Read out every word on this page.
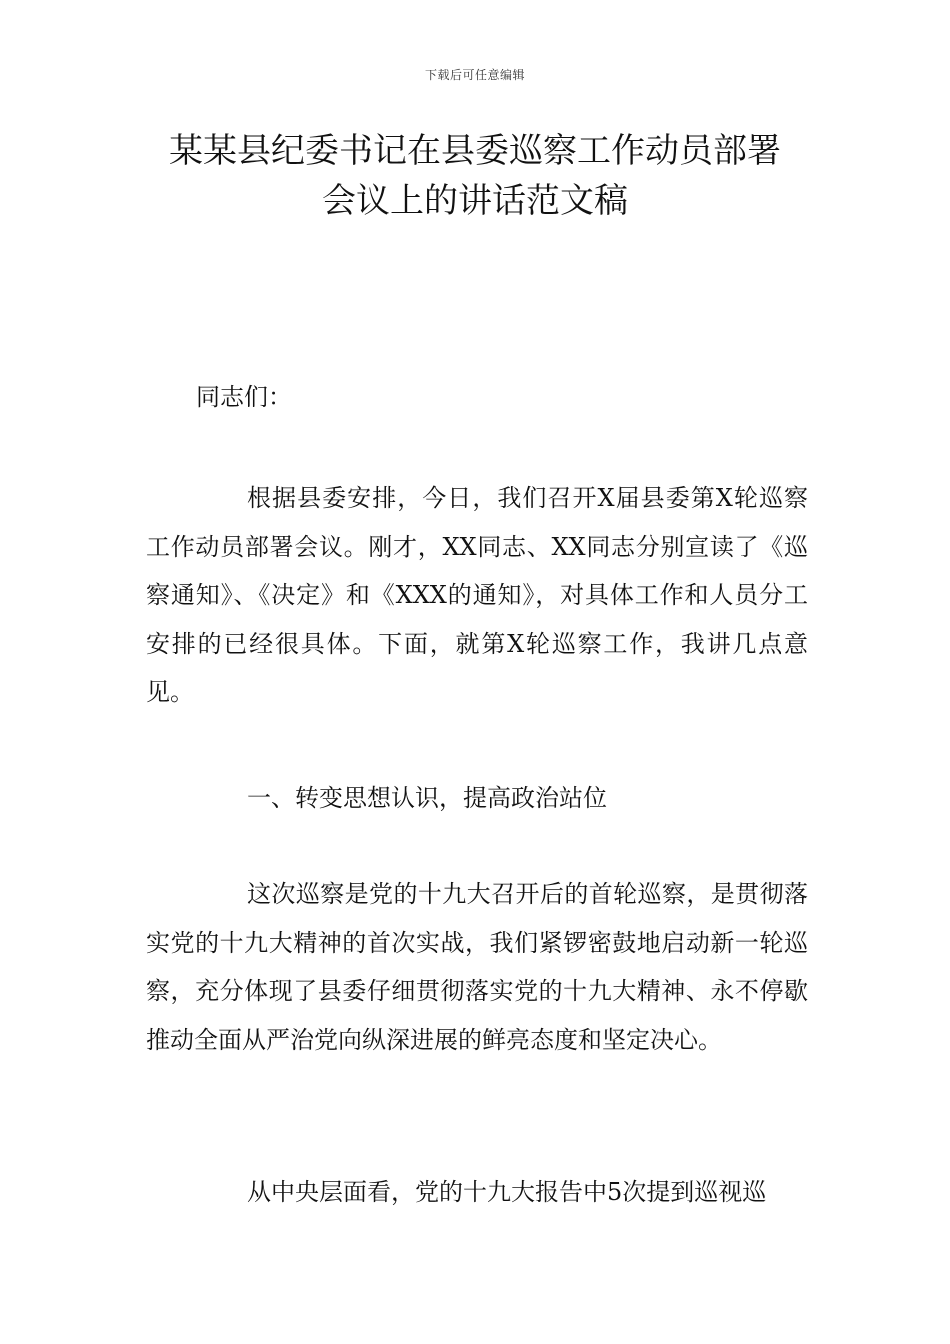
下载后可任意编辑
某某县纪委书记在县委巡察工作动员部署
会议上的讲话范文稿

同志们：

根据县委安排，今日，我们召开X届县委第X轮巡察工作动员部署会议。刚才，XX同志、XX同志分别宣读了《巡察通知》、《决定》和《XXX的通知》，对具体工作和人员分工安排的已经很具体。下面，就第X轮巡察工作，我讲几点意见。

一、转变思想认识，提高政治站位

这次巡察是党的十九大召开后的首轮巡察，是贯彻落实党的十九大精神的首次实战，我们紧锣密鼓地启动新一轮巡察，充分体现了县委仔细贯彻落实党的十九大精神、永不停歇推动全面从严治党向纵深进展的鲜亮态度和坚定决心。

从中央层面看，党的十九大报告中5次提到巡视巡
